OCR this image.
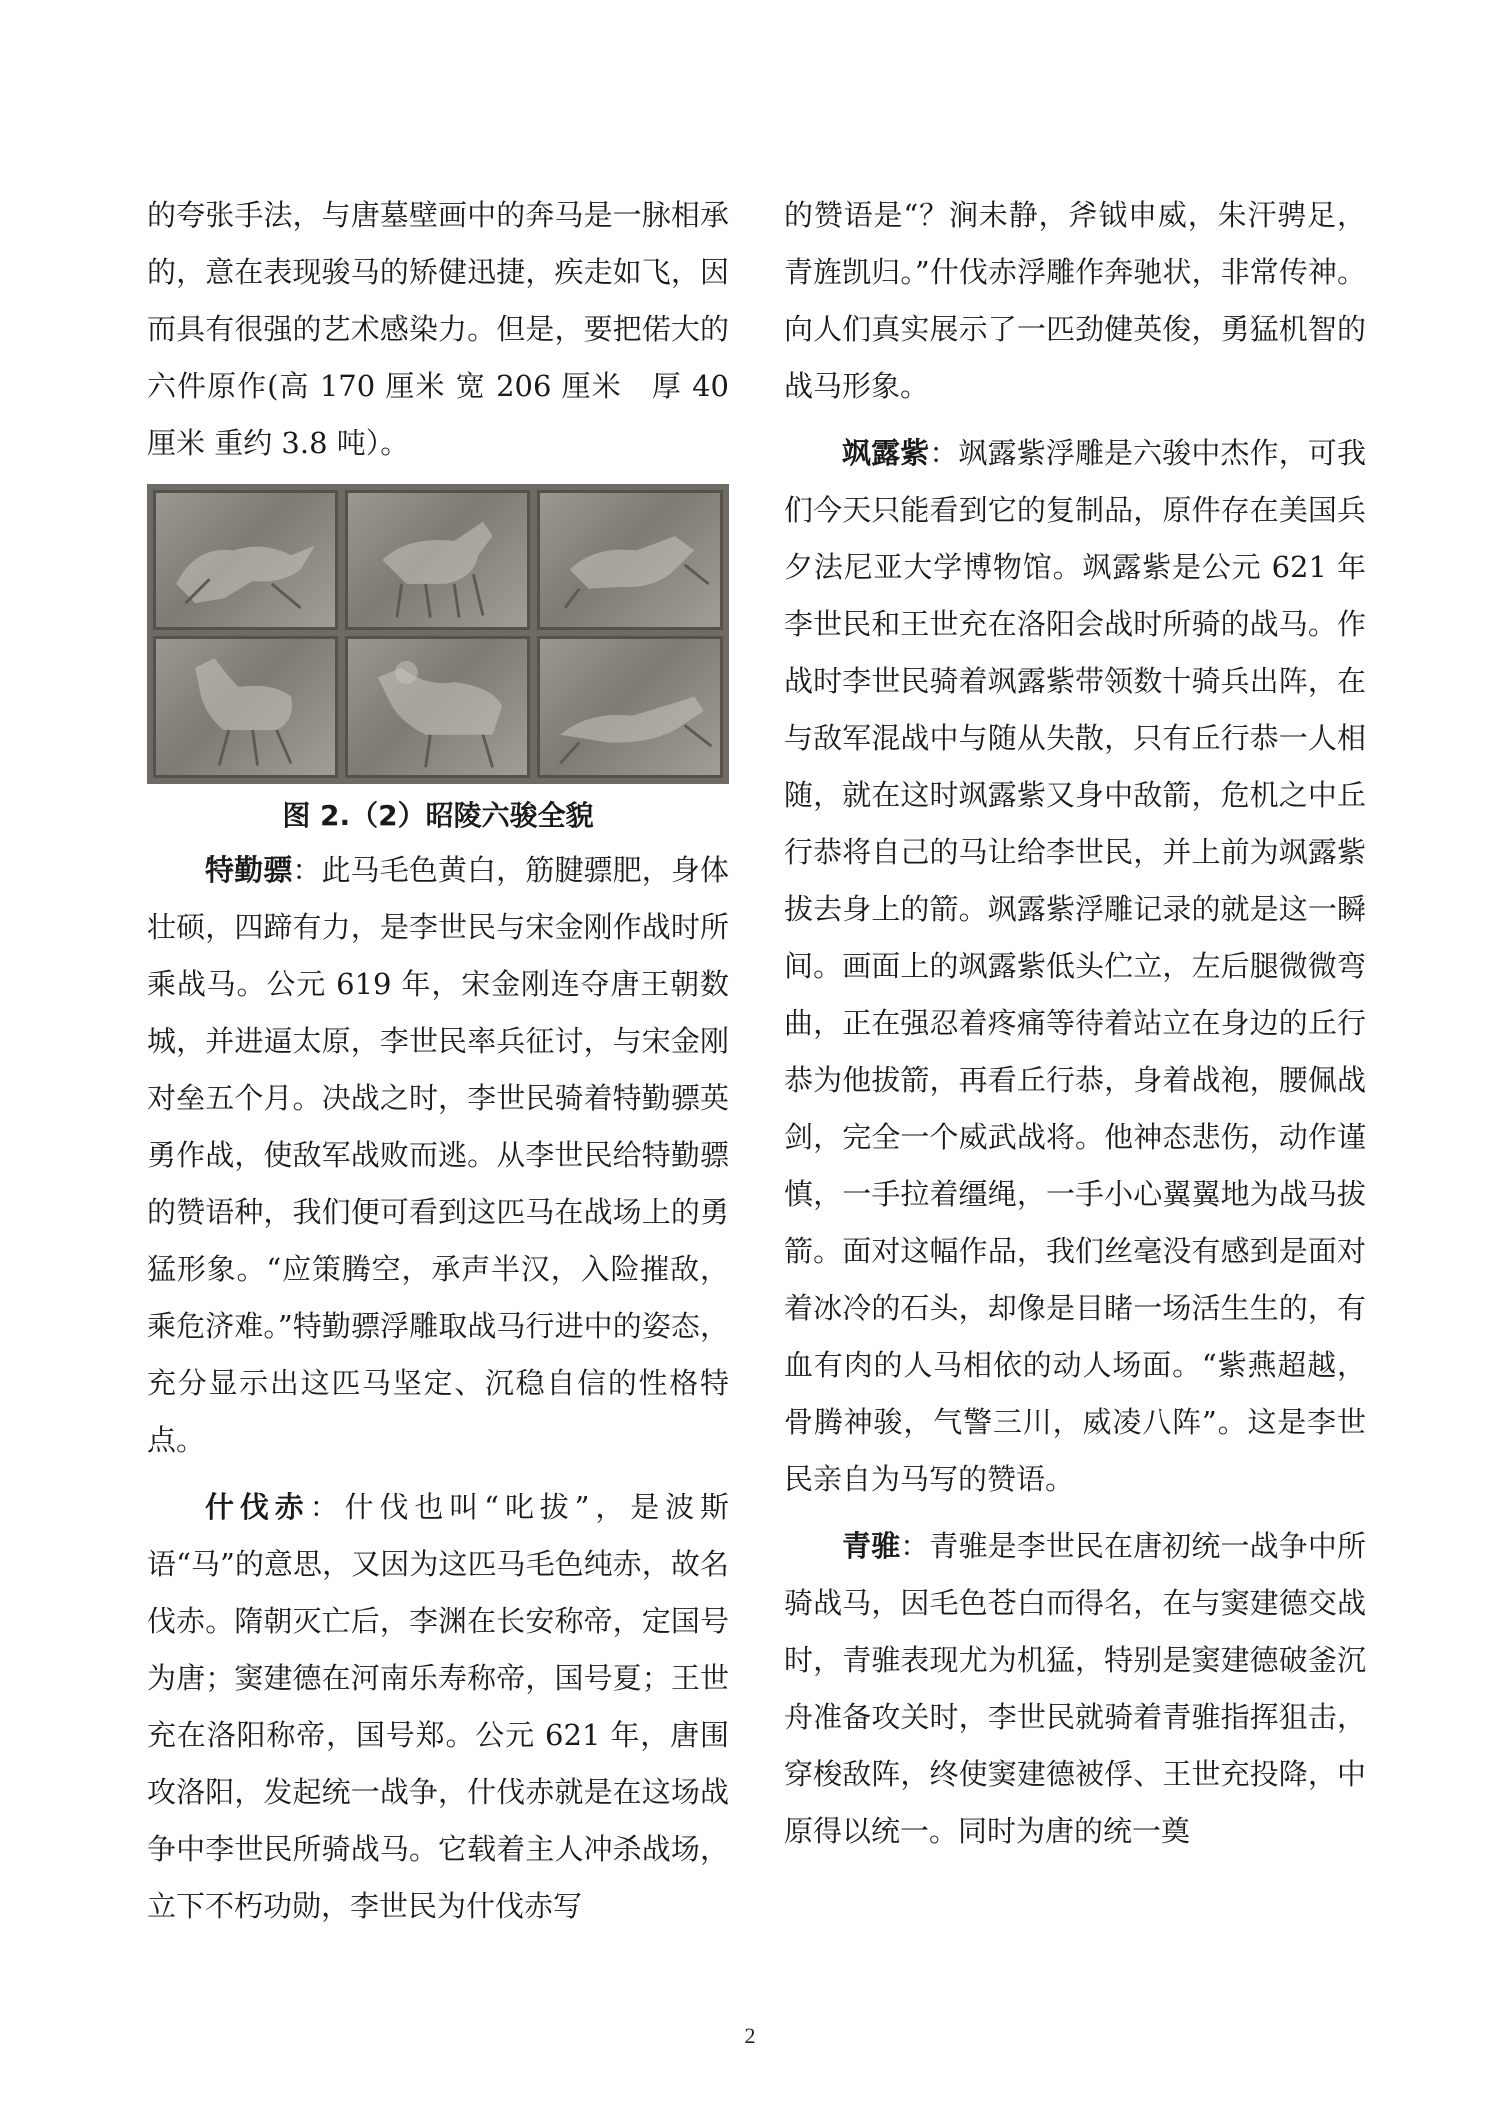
的夸张手法，与唐墓壁画中的奔马是一脉相承的，意在表现骏马的矫健迅捷，疾走如飞，因而具有很强的艺术感染力。但是，要把偌大的六件原作(高 170 厘米 宽 206 厘米　厚 40 厘米 重约 3.8 吨）。

图 2.（2）昭陵六骏全貌

特勤骠：此马毛色黄白，筋腱骠肥，身体壮硕，四蹄有力，是李世民与宋金刚作战时所乘战马。公元 619 年，宋金刚连夺唐王朝数城，并进逼太原，李世民率兵征讨，与宋金刚对垒五个月。决战之时，李世民骑着特勤骠英勇作战，使敌军战败而逃。从李世民给特勤骠的赞语种，我们便可看到这匹马在战场上的勇猛形象。“应策腾空，承声半汉，入险摧敌，乘危济难。”特勤骠浮雕取战马行进中的姿态，充分显示出这匹马坚定、沉稳自信的性格特点。

什伐赤：什伐也叫“叱拔”，是波斯语“马”的意思，又因为这匹马毛色纯赤，故名伐赤。隋朝灭亡后，李渊在长安称帝，定国号为唐；窦建德在河南乐寿称帝，国号夏；王世充在洛阳称帝，国号郑。公元 621 年，唐围攻洛阳，发起统一战争，什伐赤就是在这场战争中李世民所骑战马。它载着主人冲杀战场，立下不朽功勋，李世民为什伐赤写

的赞语是“？涧未静，斧钺申威，朱汗骋足，青旌凯归。”什伐赤浮雕作奔驰状，非常传神。向人们真实展示了一匹劲健英俊，勇猛机智的战马形象。

飒露紫：飒露紫浮雕是六骏中杰作，可我们今天只能看到它的复制品，原件存在美国兵夕法尼亚大学博物馆。飒露紫是公元 621 年李世民和王世充在洛阳会战时所骑的战马。作战时李世民骑着飒露紫带领数十骑兵出阵，在与敌军混战中与随从失散，只有丘行恭一人相随，就在这时飒露紫又身中敌箭，危机之中丘行恭将自己的马让给李世民，并上前为飒露紫拔去身上的箭。飒露紫浮雕记录的就是这一瞬间。画面上的飒露紫低头伫立，左后腿微微弯曲，正在强忍着疼痛等待着站立在身边的丘行恭为他拔箭，再看丘行恭，身着战袍，腰佩战剑，完全一个威武战将。他神态悲伤，动作谨慎，一手拉着缰绳，一手小心翼翼地为战马拔箭。面对这幅作品，我们丝毫没有感到是面对着冰冷的石头，却像是目睹一场活生生的，有血有肉的人马相依的动人场面。“紫燕超越，骨腾神骏，气警三川，威凌八阵”。这是李世民亲自为马写的赞语。

青骓：青骓是李世民在唐初统一战争中所骑战马，因毛色苍白而得名，在与窦建德交战时，青骓表现尤为机猛，特别是窦建德破釜沉舟准备攻关时，李世民就骑着青骓指挥狙击，穿梭敌阵，终使窦建德被俘、王世充投降，中原得以统一。同时为唐的统一奠

2
